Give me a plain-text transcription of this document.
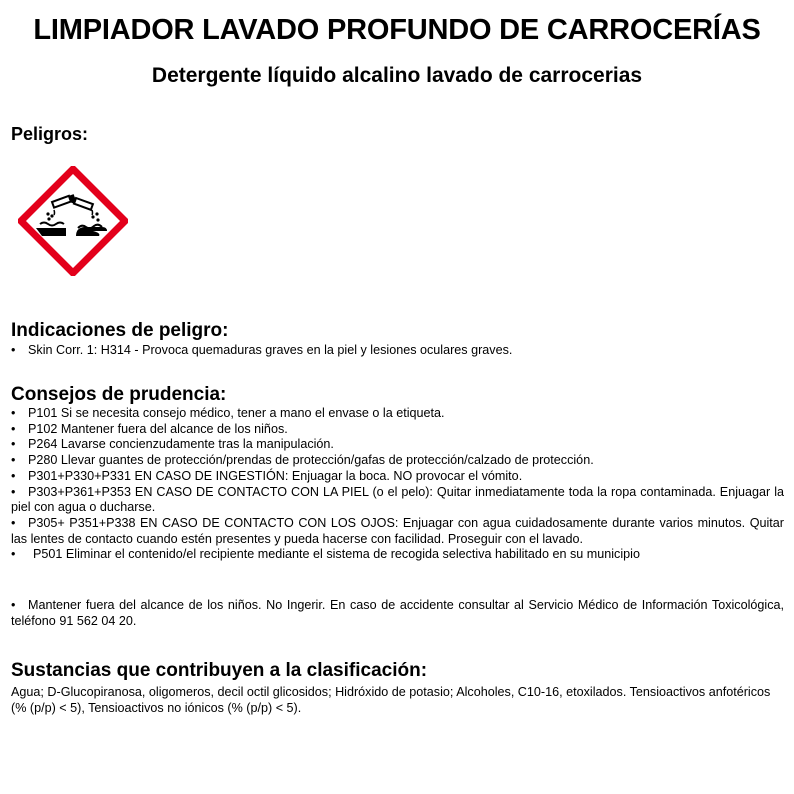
LIMPIADOR LAVADO PROFUNDO DE CARROCERÍAS
Detergente líquido alcalino lavado de carrocerias
Peligros:
Indicaciones de peligro:
• Skin Corr. 1: H314 - Provoca quemaduras graves en la piel y lesiones oculares graves.
Consejos de prudencia:
• P101 Si se necesita consejo médico, tener a mano el envase o la etiqueta.
• P102 Mantener fuera del alcance de los niños.
• P264 Lavarse concienzudamente tras la manipulación.
• P280 Llevar guantes de protección/prendas de protección/gafas de protección/calzado de protección.
• P301+P330+P331 EN CASO DE INGESTIÓN: Enjuagar la boca. NO provocar el vómito.
• P303+P361+P353 EN CASO DE CONTACTO CON LA PIEL (o el pelo): Quitar inmediatamente toda la ropa contaminada. Enjuagar la piel con agua o ducharse.
• P305+ P351+P338 EN CASO DE CONTACTO CON LOS OJOS: Enjuagar con agua cuidadosamente durante varios minutos. Quitar las lentes de contacto cuando estén presentes y pueda hacerse con facilidad. Proseguir con el lavado.
• P501 Eliminar el contenido/el recipiente mediante el sistema de recogida selectiva habilitado en su municipio
• Mantener fuera del alcance de los niños. No Ingerir. En caso de accidente consultar al Servicio Médico de Información Toxicológica, teléfono 91 562 04 20.
Sustancias que contribuyen a la clasificación:
Agua; D-Glucopiranosa, oligomeros, decil octil glicosidos; Hidróxido de potasio; Alcoholes, C10-16, etoxilados. Tensioactivos anfotéricos (% (p/p) < 5), Tensioactivos no iónicos (% (p/p) < 5).
